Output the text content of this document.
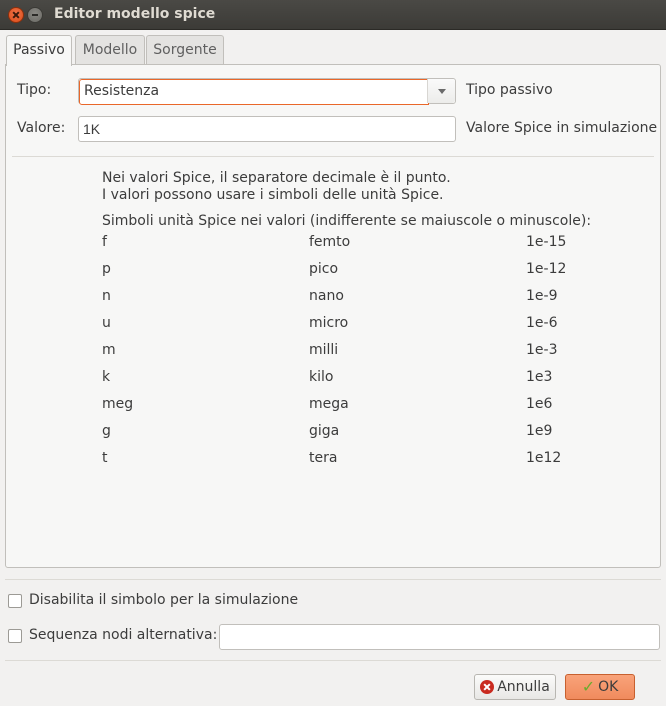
Editor modello spice
Passivo	Modello	Sorgente
Tipo:	Resistenza	Tipo passivo
Valore:
1K	Valore Spice in simulazione
Nei valori Spice, il separatore decimale è il punto.
I valori possono usare i simboli delle unità Spice.
Simboli unità Spice nei valori (indifferente se maiuscole o minuscole):
f	femto	1e-15
p	pico	1e-12
n	nano	1e-9
u	micro	1e-6
m	milli	1e-3
k	kilo	1e3
meg	mega	1e6
g	giga	1e9
t	tera	1e12
Disabilita il simbolo per la simulazione
Sequenza nodi alternativa:
Annulla ✓ OK
